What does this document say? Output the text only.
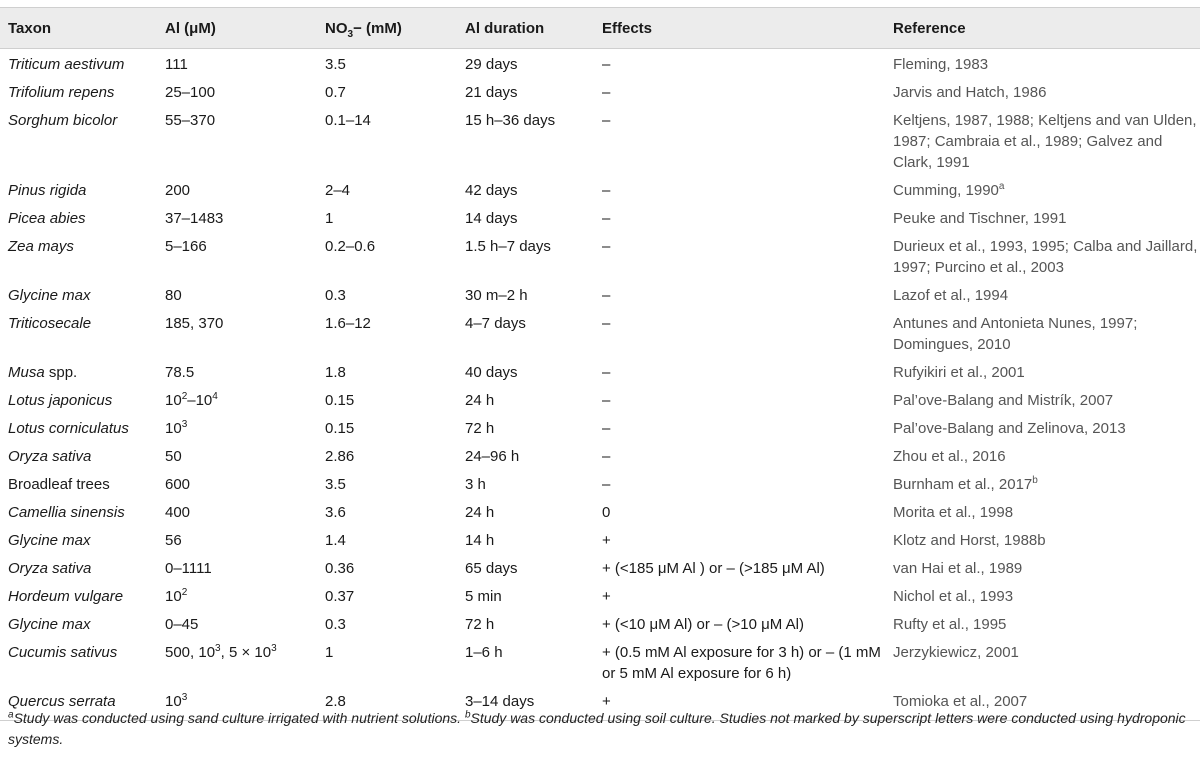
Taxon	Al (μM)	$NO_3- (mM)$	Al duration	Effects	Reference
Triticum aestivum	111	3.5	29 days	–	Fleming, 1983
Trifolium repens	25–100	0.7	21 days	–	Jarvis and Hatch, 1986
Sorghum bicolor	55–370	0.1–14	15 h–36 days	–	Keltjens, 1987, 1988; Keltjens and van Ulden, 1987; Cambraia et al., 1989; Galvez and Clark, 1991
Pinus rigida	200	2–4	42 days	–	Cumming, 1990$^a$
Picea abies	37–1483	1	14 days	–	Peuke and Tischner, 1991
Zea mays	5–166	0.2–0.6	1.5 h–7 days	–	Durieux et al., 1993, 1995; Calba and Jaillard, 1997; Purcino et al., 2003
Glycine max	80	0.3	30 m–2 h	–	Lazof et al., 1994
Triticosecale	185, 370	1.6–12	4–7 days	–	Antunes and Antonieta Nunes, 1997; Domingues, 2010
Musa spp.	78.5	1.8	40 days	–	Rufyikiri et al., 2001
Lotus japonicus	$10^2-10^4$	0.15	24 h	–	Pal’ove-Balang and Mistrík, 2007
Lotus corniculatus	$10^3$	0.15	72 h	–	Pal’ove-Balang and Zelinova, 2013
Oryza sativa	50	2.86	24–96 h	–	Zhou et al., 2016
Broadleaf trees	600	3.5	3 h	–	Burnham et al., 2017$^b$
Camellia sinensis	400	3.6	24 h	0	Morita et al., 1998
Glycine max	56	1.4	14 h	+	Klotz and Horst, 1988b
Oryza sativa	0–1111	0.36	65 days	+ (<185 μM Al ) or – (>185 μM Al)	van Hai et al., 1989
Hordeum vulgare	$10^2$	0.37	5 min	+	Nichol et al., 1993
Glycine max	0–45	0.3	72 h	+ (<10 μM Al) or – (>10 μM Al)	Rufty et al., 1995
Cucumis sativus	500, $10^3$, $5 \times 10^3$	1	1–6 h	+ (0.5 mM Al exposure for 3 h) or – (1 mM or 5 mM Al exposure for 6 h)	Jerzykiewicz, 2001
Quercus serrata	$10^3$	2.8	3–14 days	+	Tomioka et al., 2007
$^a$Study was conducted using sand culture irrigated with nutrient solutions. $^b$Study was conducted using soil culture. Studies not marked by superscript letters were conducted using hydroponic systems.
